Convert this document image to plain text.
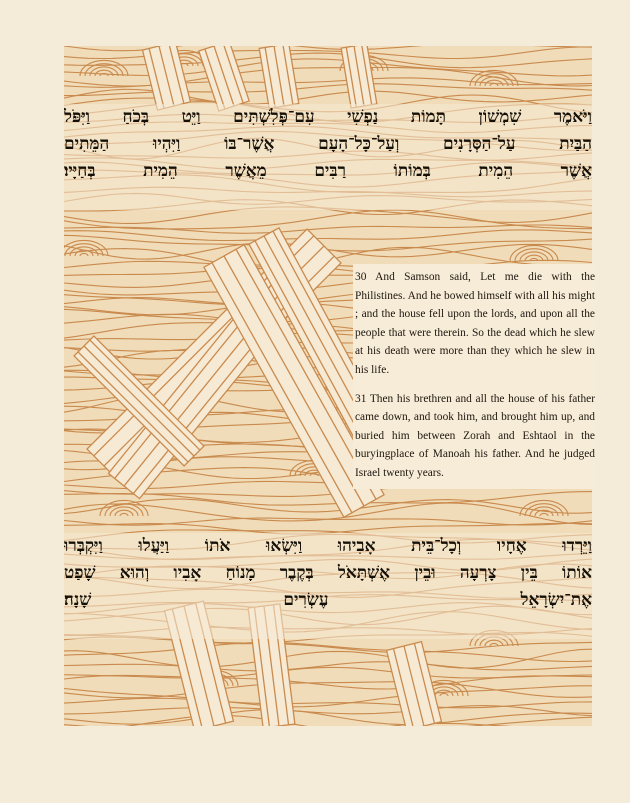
וַיֹּאמֶר שִׁמְשׁוֹן תָּמוֹת נַפְשִׁי עִם־פְּלִשְׁתִּים וַיֵּט בְּכֹחַ וַיִּפֹּל
הַבַּיִת עַל־הַסְּרָנִים וְעַל־כָּל־הָעָם אֲשֶׁר־בּוֹ וַיִּהְיוּ הַמֵּתִים
אֲשֶׁר הֵמִית בְּמוֹתוֹ רַבִּים מֵאֲשֶׁר הֵמִית בְּחַיָּיו׃

30 And Samson said, Let me die with the Philistines. And he bowed himself with all his might ; and the house fell upon the lords, and upon all the people that were therein. So the dead which he slew at his death were more than they which he slew in his life.

31 Then his brethren and all the house of his father came down, and took him, and brought him up, and buried him between Zorah and Eshtaol in the buryingplace of Manoah his father. And he judged Israel twenty years.

וַיֵּרְדוּ אֶחָיו וְכָל־בֵּית אָבִיהוּ וַיִּשְׂאוּ אֹתוֹ וַיַּעֲלוּ וַיִּקְבְּרוּ
אוֹתוֹ בֵּין צָרְעָה וּבֵין אֶשְׁתָּאֹל בְּקֶבֶר מָנוֹחַ אָבִיו וְהוּא שָׁפַט
אֶת־יִשְׂרָאֵל עֶשְׂרִים שָׁנָה׃
